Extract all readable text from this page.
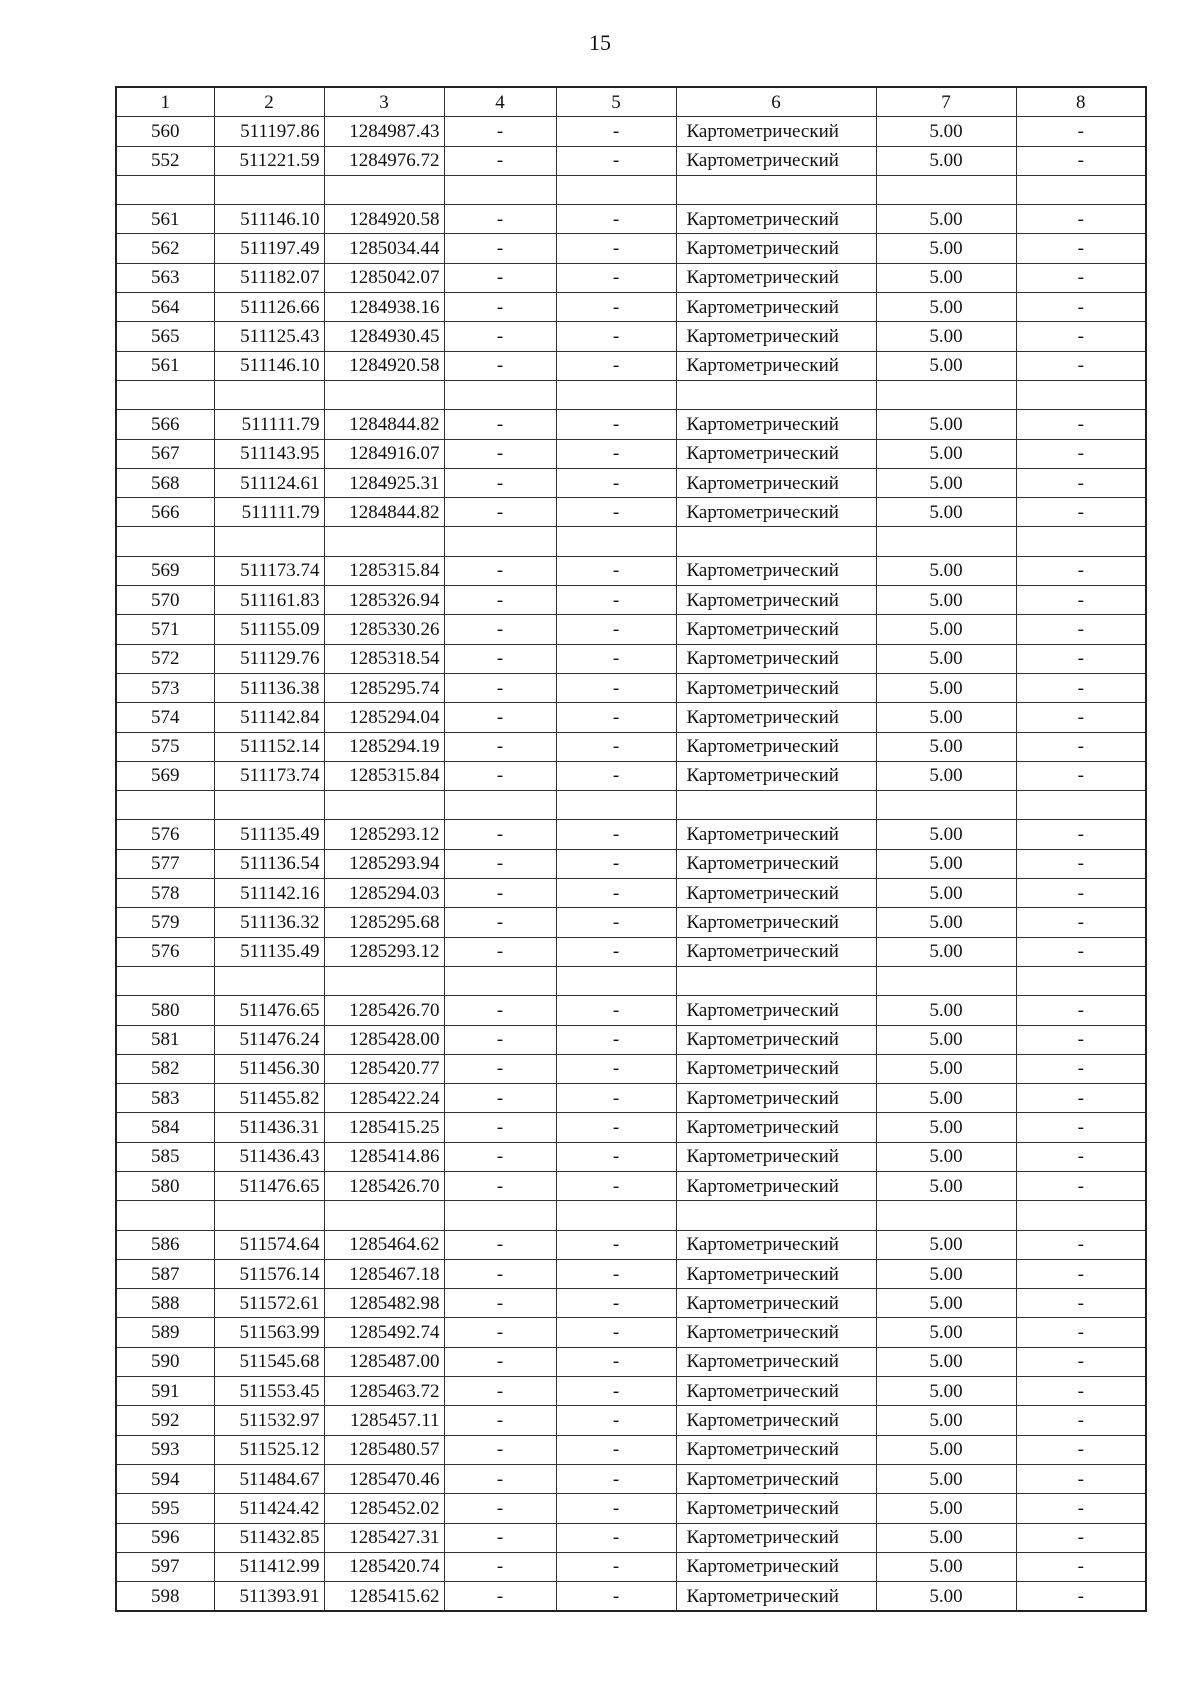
15
1	2	3	4	5	6	7	8
560	511197.86	1284987.43	-	-	Картометрический	5.00	-
552	511221.59	1284976.72	-	-	Картометрический	5.00	-

561	511146.10	1284920.58	-	-	Картометрический	5.00	-
562	511197.49	1285034.44	-	-	Картометрический	5.00	-
563	511182.07	1285042.07	-	-	Картометрический	5.00	-
564	511126.66	1284938.16	-	-	Картометрический	5.00	-
565	511125.43	1284930.45	-	-	Картометрический	5.00	-
561	511146.10	1284920.58	-	-	Картометрический	5.00	-

566	511111.79	1284844.82	-	-	Картометрический	5.00	-
567	511143.95	1284916.07	-	-	Картометрический	5.00	-
568	511124.61	1284925.31	-	-	Картометрический	5.00	-
566	511111.79	1284844.82	-	-	Картометрический	5.00	-

569	511173.74	1285315.84	-	-	Картометрический	5.00	-
570	511161.83	1285326.94	-	-	Картометрический	5.00	-
571	511155.09	1285330.26	-	-	Картометрический	5.00	-
572	511129.76	1285318.54	-	-	Картометрический	5.00	-
573	511136.38	1285295.74	-	-	Картометрический	5.00	-
574	511142.84	1285294.04	-	-	Картометрический	5.00	-
575	511152.14	1285294.19	-	-	Картометрический	5.00	-
569	511173.74	1285315.84	-	-	Картометрический	5.00	-

576	511135.49	1285293.12	-	-	Картометрический	5.00	-
577	511136.54	1285293.94	-	-	Картометрический	5.00	-
578	511142.16	1285294.03	-	-	Картометрический	5.00	-
579	511136.32	1285295.68	-	-	Картометрический	5.00	-
576	511135.49	1285293.12	-	-	Картометрический	5.00	-

580	511476.65	1285426.70	-	-	Картометрический	5.00	-
581	511476.24	1285428.00	-	-	Картометрический	5.00	-
582	511456.30	1285420.77	-	-	Картометрический	5.00	-
583	511455.82	1285422.24	-	-	Картометрический	5.00	-
584	511436.31	1285415.25	-	-	Картометрический	5.00	-
585	511436.43	1285414.86	-	-	Картометрический	5.00	-
580	511476.65	1285426.70	-	-	Картометрический	5.00	-

586	511574.64	1285464.62	-	-	Картометрический	5.00	-
587	511576.14	1285467.18	-	-	Картометрический	5.00	-
588	511572.61	1285482.98	-	-	Картометрический	5.00	-
589	511563.99	1285492.74	-	-	Картометрический	5.00	-
590	511545.68	1285487.00	-	-	Картометрический	5.00	-
591	511553.45	1285463.72	-	-	Картометрический	5.00	-
592	511532.97	1285457.11	-	-	Картометрический	5.00	-
593	511525.12	1285480.57	-	-	Картометрический	5.00	-
594	511484.67	1285470.46	-	-	Картометрический	5.00	-
595	511424.42	1285452.02	-	-	Картометрический	5.00	-
596	511432.85	1285427.31	-	-	Картометрический	5.00	-
597	511412.99	1285420.74	-	-	Картометрический	5.00	-
598	511393.91	1285415.62	-	-	Картометрический	5.00	-
